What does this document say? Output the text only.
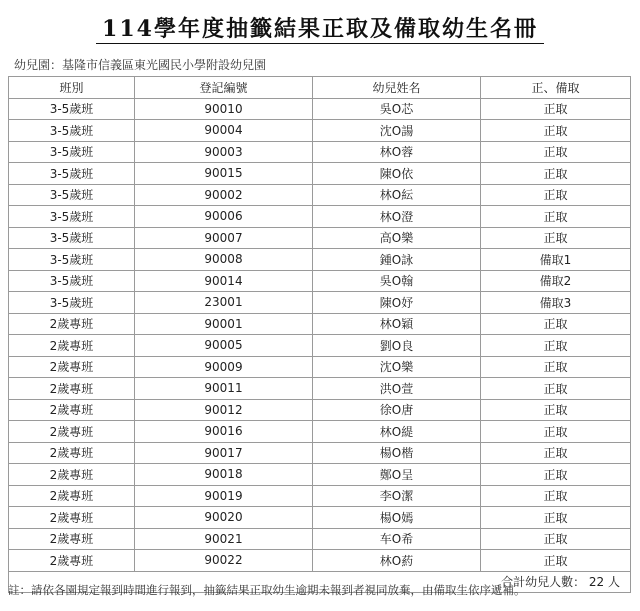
114學年度抽籤結果正取及備取幼生名冊
幼兒園：基隆市信義區東光國民小學附設幼兒園
班別	登記編號	幼兒姓名	正、備取
3-5歲班	90010	吳O芯	正取
3-5歲班	90004	沈O諹	正取
3-5歲班	90003	林O蓉	正取
3-5歲班	90015	陳O依	正取
3-5歲班	90002	林O紜	正取
3-5歲班	90006	林O澄	正取
3-5歲班	90007	高O樂	正取
3-5歲班	90008	鍾O詠	備取1
3-5歲班	90014	吳O翰	備取2
3-5歲班	23001	陳O妤	備取3
2歲專班	90001	林O穎	正取
2歲專班	90005	劉O良	正取
2歲專班	90009	沈O樂	正取
2歲專班	90011	洪O萱	正取
2歲專班	90012	徐O唐	正取
2歲專班	90016	林O緹	正取
2歲專班	90017	楊O楷	正取
2歲專班	90018	鄭O呈	正取
2歲專班	90019	李O潔	正取
2歲專班	90020	楊O嫣	正取
2歲專班	90021	车O希	正取
2歲專班	90022	林O葯	正取
合計幼兒人數： 22 人			
註：請依各園規定報到時間進行報到，抽籤結果正取幼生逾期未報到者視同放棄，由備取生依序遞補。
